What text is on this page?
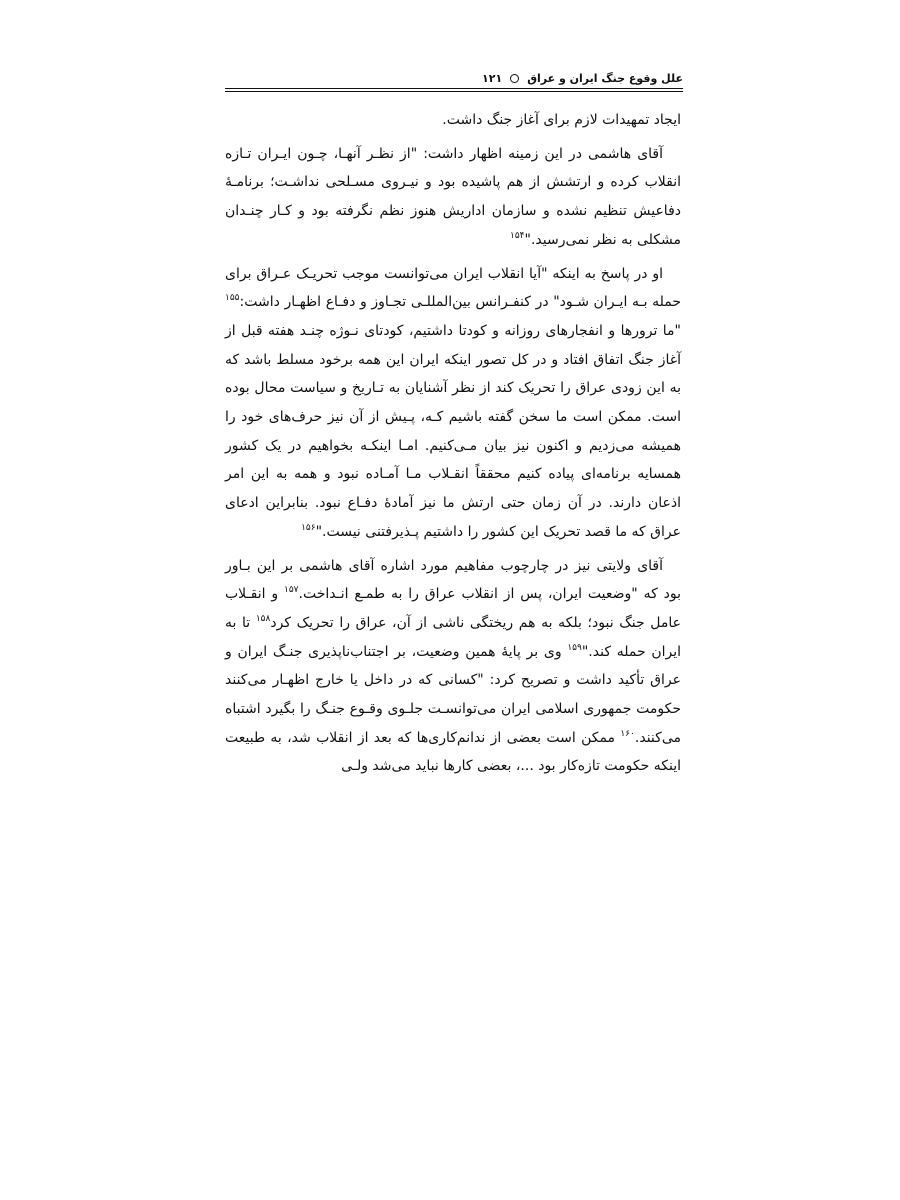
علل وقوع جنگ ایران و عراق
۱۲۱

ایجاد تمهیدات لازم برای آغاز جنگ داشت.

آقای هاشمی در این زمینه اظهار داشت: "از نظـر آنهـا، چـون ایـران تـازه انقلاب کرده و ارتشش از هم پاشیده بود و نیـروی مسـلحی نداشـت؛ برنامـۀ دفاعیش تنظیم نشده و سازمان اداریش هنوز نظم نگرفته بود و کـار چنـدان مشکلی به نظر نمی‌رسید."$^{۱۵۴}$

او در پاسخ به اینکه "آیا انقلاب ایران می‌توانست موجب تحریـک عـراق برای حمله بـه ایـران شـود" در کنفـرانس بین‌المللـی تجـاوز و دفـاع اظهـار داشت:$^{۱۵۵}$ "ما ترورها و انفجارهای روزانه و کودتا داشتیم، کودتای نـوژه چنـد هفته قبل از آغاز جنگ اتفاق افتاد و در کل تصور اینکه ایران این همه برخود مسلط باشد که به این زودی عراق را تحریک کند از نظر آشنایان به تـاریخ و سیاست محال بوده است. ممکن است ما سخن گفته باشیم کـه، پـیش از آن نیز حرف‌های خود را همیشه می‌زدیم و اکنون نیز بیان مـی‌کنیم. امـا اینکـه بخواهیم در یک کشور همسایه برنامه‌ای پیاده کنیم محققاً انقـلاب مـا آمـاده نبود و همه به این امر اذعان دارند. در آن زمان حتی ارتش ما نیز آمادۀ دفـاع نبود. بنابراین ادعای عراق که ما قصد تحریک این کشور را داشتیم پـذیرفتنی نیست."$^{۱۵۶}$

آقای ولایتی نیز در چارچوب مفاهیم مورد اشاره آقای هاشمی بر این بـاور بود که "وضعیت ایران، پس از انقلاب عراق را به طمـع انـداخت.$^{۱۵۷}$ و انقـلاب عامل جنگ نبود؛ بلکه به هم ریختگی ناشی از آن، عراق را تحریک کرد$^{۱۵۸}$ تا به ایران حمله کند."$^{۱۵۹}$ وی بر پایۀ همین وضعیت، بر اجتناب‌ناپذیری جنـگ ایران و عراق تأکید داشت و تصریح کرد: "کسانی که در داخل یا خارج اظهـار می‌کنند حکومت جمهوری اسلامی ایران می‌توانسـت جلـوی وقـوع جنـگ را بگیرد اشتباه می‌کنند.$^{۱۶۰}$ ممکن است بعضی از ندانم‌کاری‌ها که بعد از انقلاب شد، به طبیعت اینکه حکومت تازه‌کار بود ...، بعضی کارها نباید می‌شد ولـی
